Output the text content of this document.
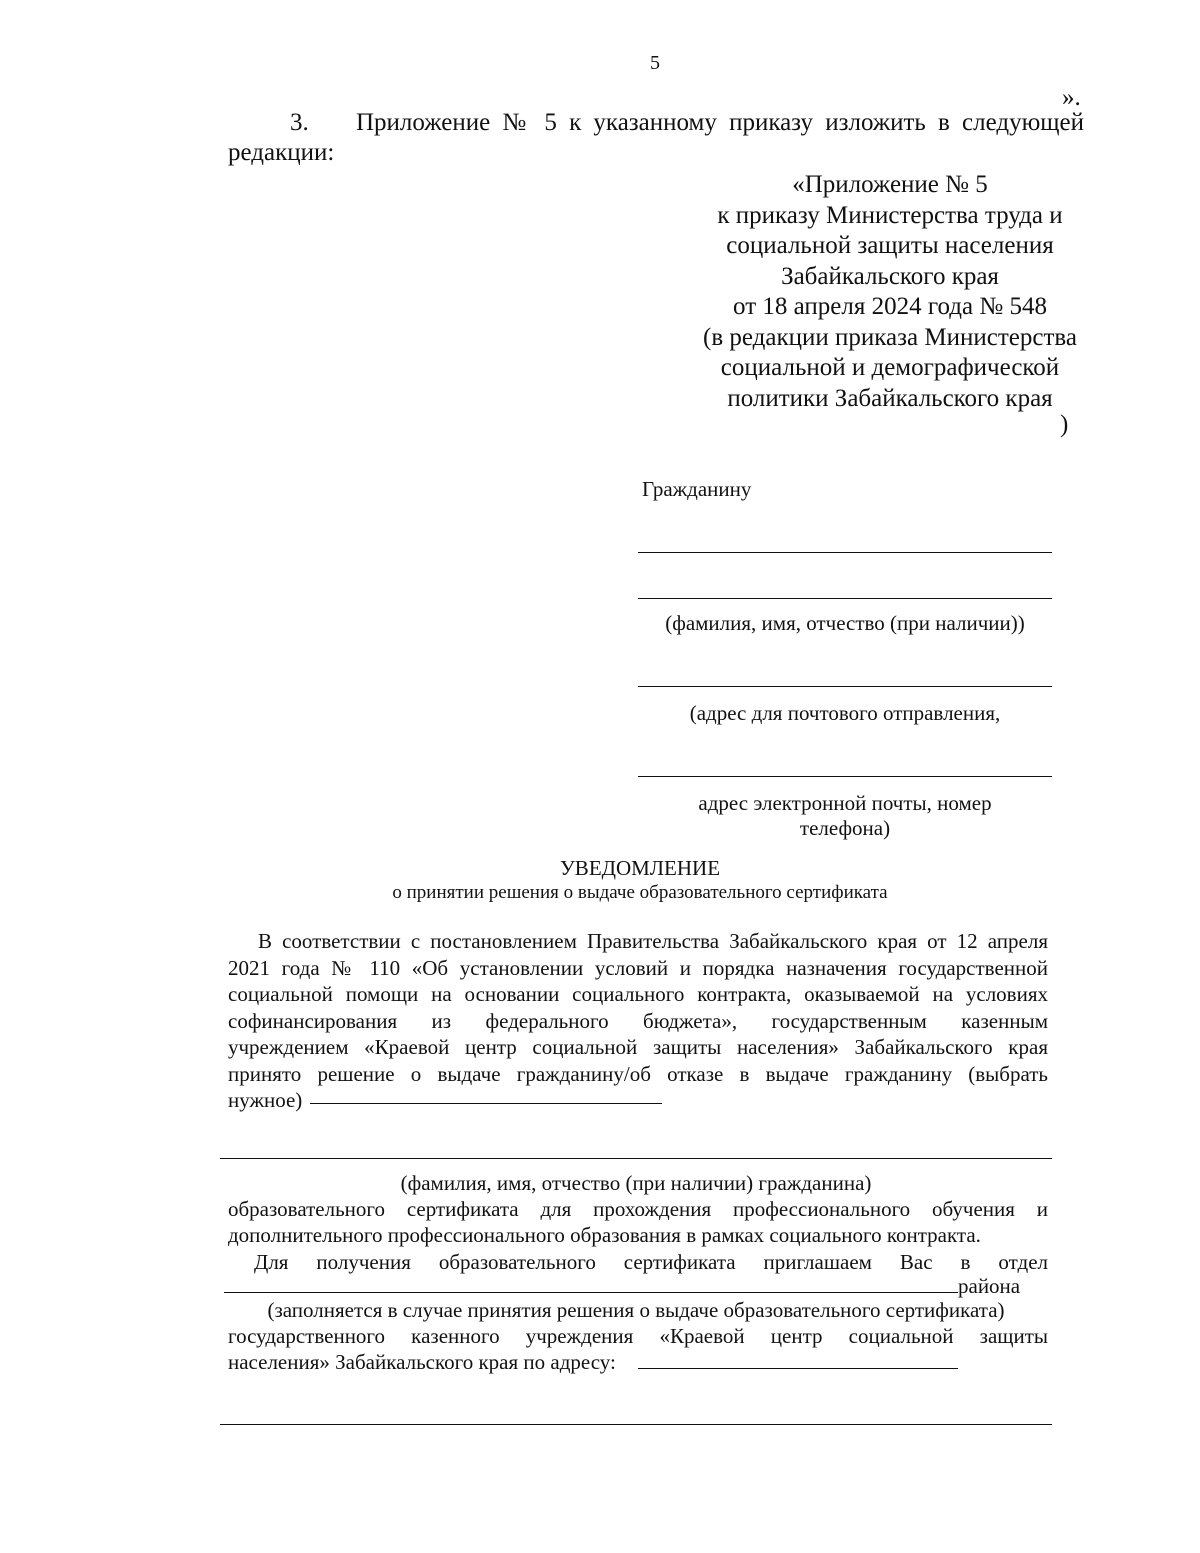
5
».
3. Приложение № 5 к указанному приказу изложить в следующей
редакции:
«Приложение № 5
к приказу Министерства труда и
социальной защиты населения
Забайкальского края
от 18 апреля 2024 года № 548
(в редакции приказа Министерства
социальной и демографической
политики Забайкальского края
)
Гражданину
(фамилия, имя, отчество (при наличии))
(адрес для почтового отправления,
адрес электронной почты, номер
телефона)
УВЕДОМЛЕНИЕ
о принятии решения о выдаче образовательного сертификата
В соответствии с постановлением Правительства Забайкальского края от 12 апреля
2021 года № 110 «Об установлении условий и порядка назначения государственной
социальной помощи на основании социального контракта, оказываемой на условиях
софинансирования из федерального бюджета», государственным казенным
учреждением «Краевой центр социальной защиты населения» Забайкальского края
принято решение о выдаче гражданину/об отказе в выдаче гражданину (выбрать
нужное)
(фамилия, имя, отчество (при наличии) гражданина)
образовательного сертификата для прохождения профессионального обучения и
дополнительного профессионального образования в рамках социального контракта.
Для получения образовательного сертификата приглашаем Вас в отдел
района
(заполняется в случае принятия решения о выдаче образовательного сертификата)
государственного казенного учреждения «Краевой центр социальной защиты
населения» Забайкальского края по адресу:
